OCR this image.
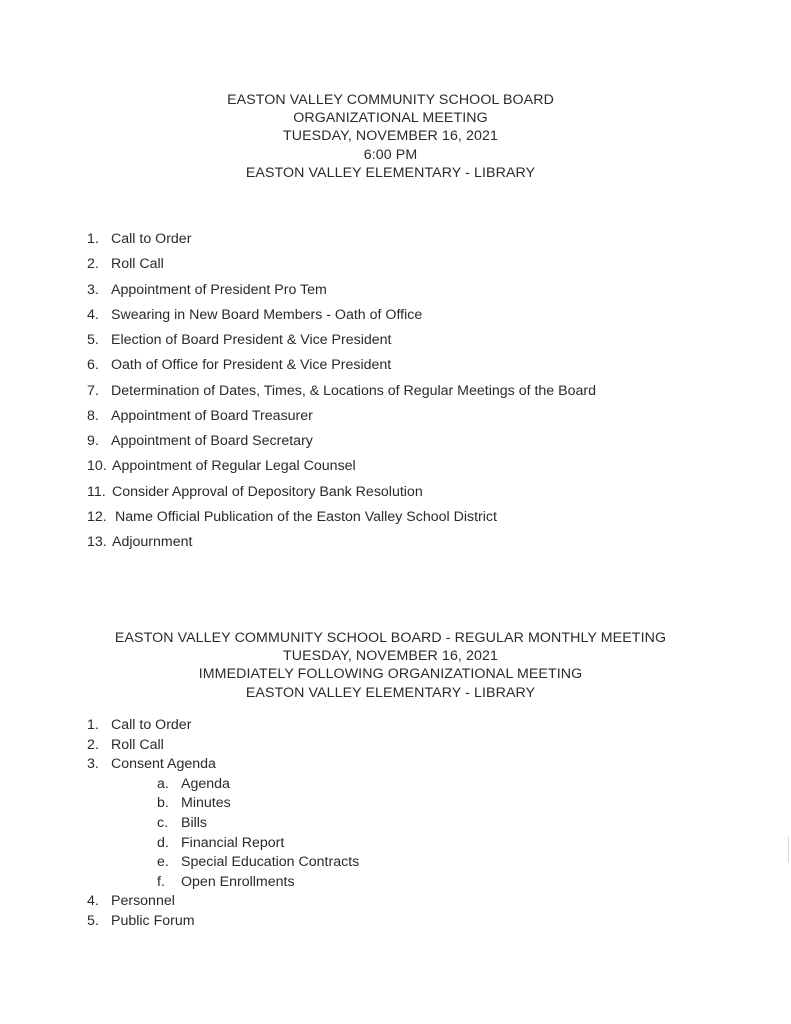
EASTON VALLEY COMMUNITY SCHOOL BOARD
ORGANIZATIONAL MEETING
TUESDAY, NOVEMBER 16, 2021
6:00 PM
EASTON VALLEY ELEMENTARY - LIBRARY
1. Call to Order
2. Roll Call
3. Appointment of President Pro Tem
4. Swearing in New Board Members - Oath of Office
5. Election of Board President & Vice President
6. Oath of Office for President & Vice President
7. Determination of Dates, Times, & Locations of Regular Meetings of the Board
8. Appointment of Board Treasurer
9. Appointment of Board Secretary
10. Appointment of Regular Legal Counsel
11. Consider Approval of Depository Bank Resolution
12. Name Official Publication of the Easton Valley School District
13. Adjournment
EASTON VALLEY COMMUNITY SCHOOL BOARD - REGULAR MONTHLY MEETING
TUESDAY, NOVEMBER 16, 2021
IMMEDIATELY FOLLOWING ORGANIZATIONAL MEETING
EASTON VALLEY ELEMENTARY - LIBRARY
1. Call to Order
2. Roll Call
3. Consent Agenda
a. Agenda
b. Minutes
c. Bills
d. Financial Report
e. Special Education Contracts
f. Open Enrollments
4. Personnel
5. Public Forum
